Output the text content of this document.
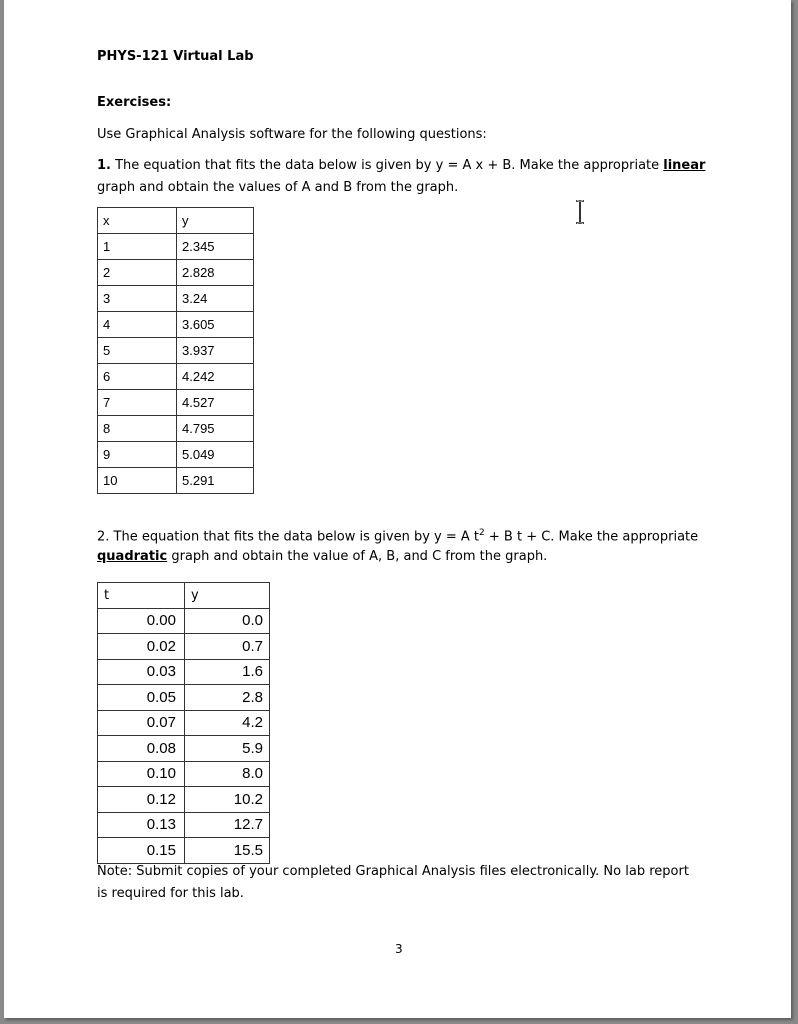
PHYS-121 Virtual Lab
Exercises:
Use Graphical Analysis software for the following questions:
1. The equation that fits the data below is given by y = A x + B. Make the appropriate linear
graph and obtain the values of A and B from the graph.
x	y
1	2.345
2	2.828
3	3.24
4	3.605
5	3.937
6	4.242
7	4.527
8	4.795
9	5.049
10	5.291
2. The equation that fits the data below is given by y = A $t^2 + B$ t + C. Make the appropriate
quadratic graph and obtain the value of A, B, and C from the graph.
t	y
0.00	0.0
0.02	0.7
0.03	1.6
0.05	2.8
0.07	4.2
0.08	5.9
0.10	8.0
0.12	10.2
0.13	12.7
0.15	15.5
Note: Submit copies of your completed Graphical Analysis files electronically. No lab report
is required for this lab.
3
